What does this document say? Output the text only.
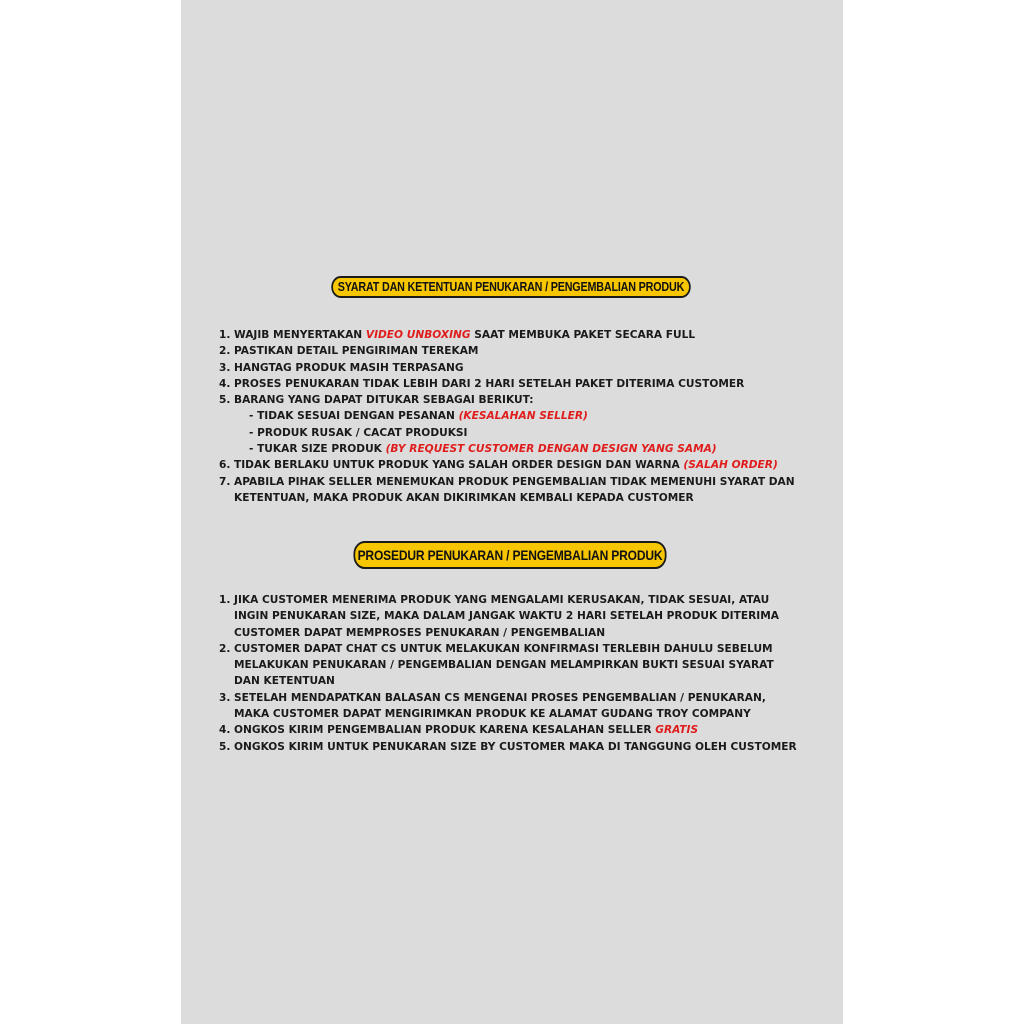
SYARAT DAN KETENTUAN PENUKARAN / PENGEMBALIAN PRODUK
1. WAJIB MENYERTAKAN
VIDEO UNBOXING
SAAT MEMBUKA PAKET SECARA FULL
2. PASTIKAN DETAIL PENGIRIMAN TEREKAM
3. HANGTAG PRODUK MASIH TERPASANG
4. PROSES PENUKARAN TIDAK LEBIH DARI 2 HARI SETELAH PAKET DITERIMA CUSTOMER
5. BARANG YANG DAPAT DITUKAR SEBAGAI BERIKUT:
- TIDAK SESUAI DENGAN PESANAN
(KESALAHAN SELLER)
- PRODUK RUSAK / CACAT PRODUKSI
- TUKAR SIZE PRODUK
(BY REQUEST CUSTOMER DENGAN DESIGN YANG SAMA)
6. TIDAK BERLAKU UNTUK PRODUK YANG SALAH ORDER DESIGN DAN WARNA
(SALAH ORDER)
7. APABILA PIHAK SELLER MENEMUKAN PRODUK PENGEMBALIAN TIDAK MEMENUHI SYARAT DAN
KETENTUAN, MAKA PRODUK AKAN DIKIRIMKAN KEMBALI KEPADA CUSTOMER
PROSEDUR PENUKARAN / PENGEMBALIAN PRODUK
1. JIKA CUSTOMER MENERIMA PRODUK YANG MENGALAMI KERUSAKAN, TIDAK SESUAI, ATAU
INGIN PENUKARAN SIZE, MAKA DALAM JANGAK WAKTU 2 HARI SETELAH PRODUK DITERIMA
CUSTOMER DAPAT MEMPROSES PENUKARAN / PENGEMBALIAN
2. CUSTOMER DAPAT CHAT CS UNTUK MELAKUKAN KONFIRMASI TERLEBIH DAHULU SEBELUM
MELAKUKAN PENUKARAN / PENGEMBALIAN DENGAN MELAMPIRKAN BUKTI SESUAI SYARAT
DAN KETENTUAN
3. SETELAH MENDAPATKAN BALASAN CS MENGENAI PROSES PENGEMBALIAN / PENUKARAN,
MAKA CUSTOMER DAPAT MENGIRIMKAN PRODUK KE ALAMAT GUDANG TROY COMPANY
4. ONGKOS KIRIM PENGEMBALIAN PRODUK KARENA KESALAHAN SELLER
GRATIS
5. ONGKOS KIRIM UNTUK PENUKARAN SIZE BY CUSTOMER MAKA DI TANGGUNG OLEH CUSTOMER
